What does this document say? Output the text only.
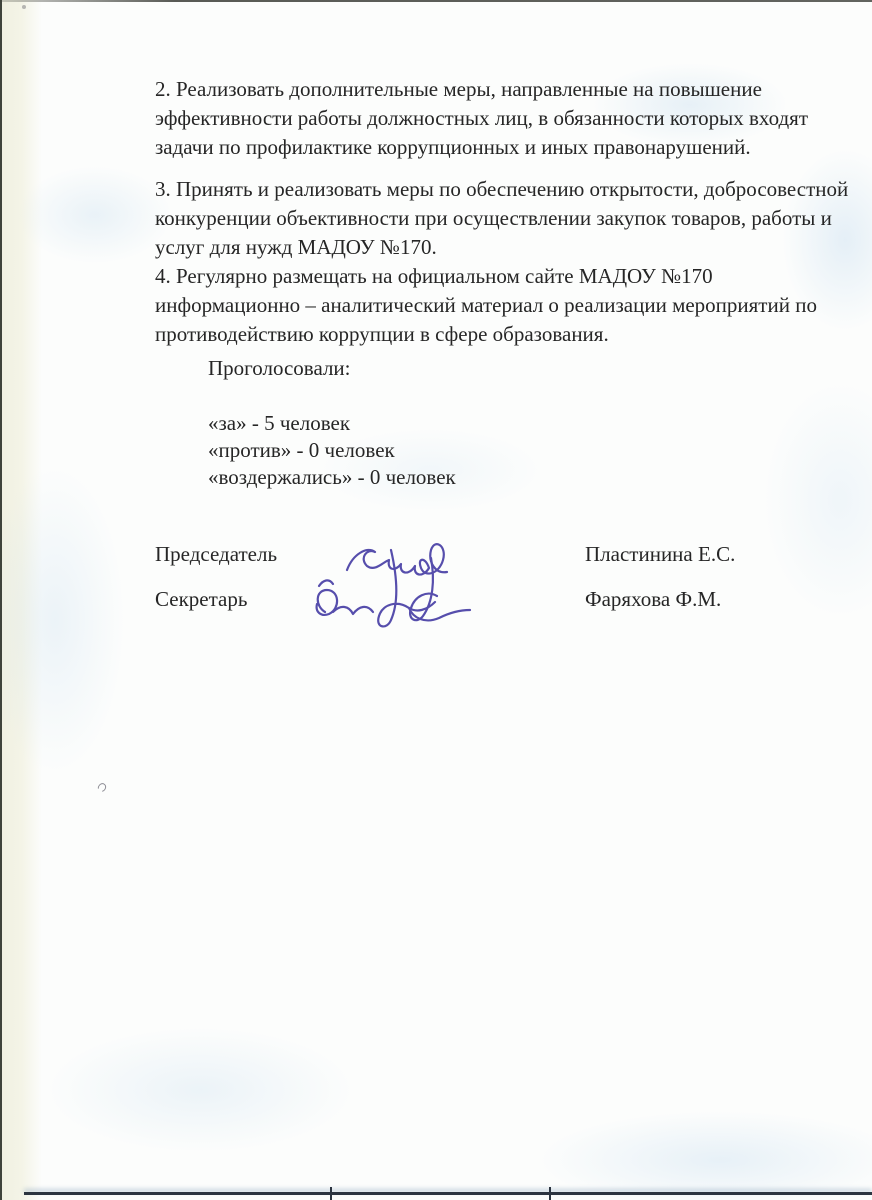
2. Реализовать дополнительные меры, направленные на повышение
эффективности работы должностных лиц, в обязанности которых входят
задачи по профилактике коррупционных и иных правонарушений.
3. Принять и реализовать меры по обеспечению открытости, добросовестной
конкуренции объективности при осуществлении закупок товаров, работы и
услуг для нужд МАДОУ №170.
4. Регулярно размещать на официальном сайте МАДОУ №170
информационно – аналитический материал о реализации мероприятий по
противодействию коррупции в сфере образования.
Проголосовали:
«за» - 5 человек
«против» - 0 человек
«воздержались» - 0 человек
Председатель	Пластинина Е.С.
Секретарь	Фаряхова Ф.М.
